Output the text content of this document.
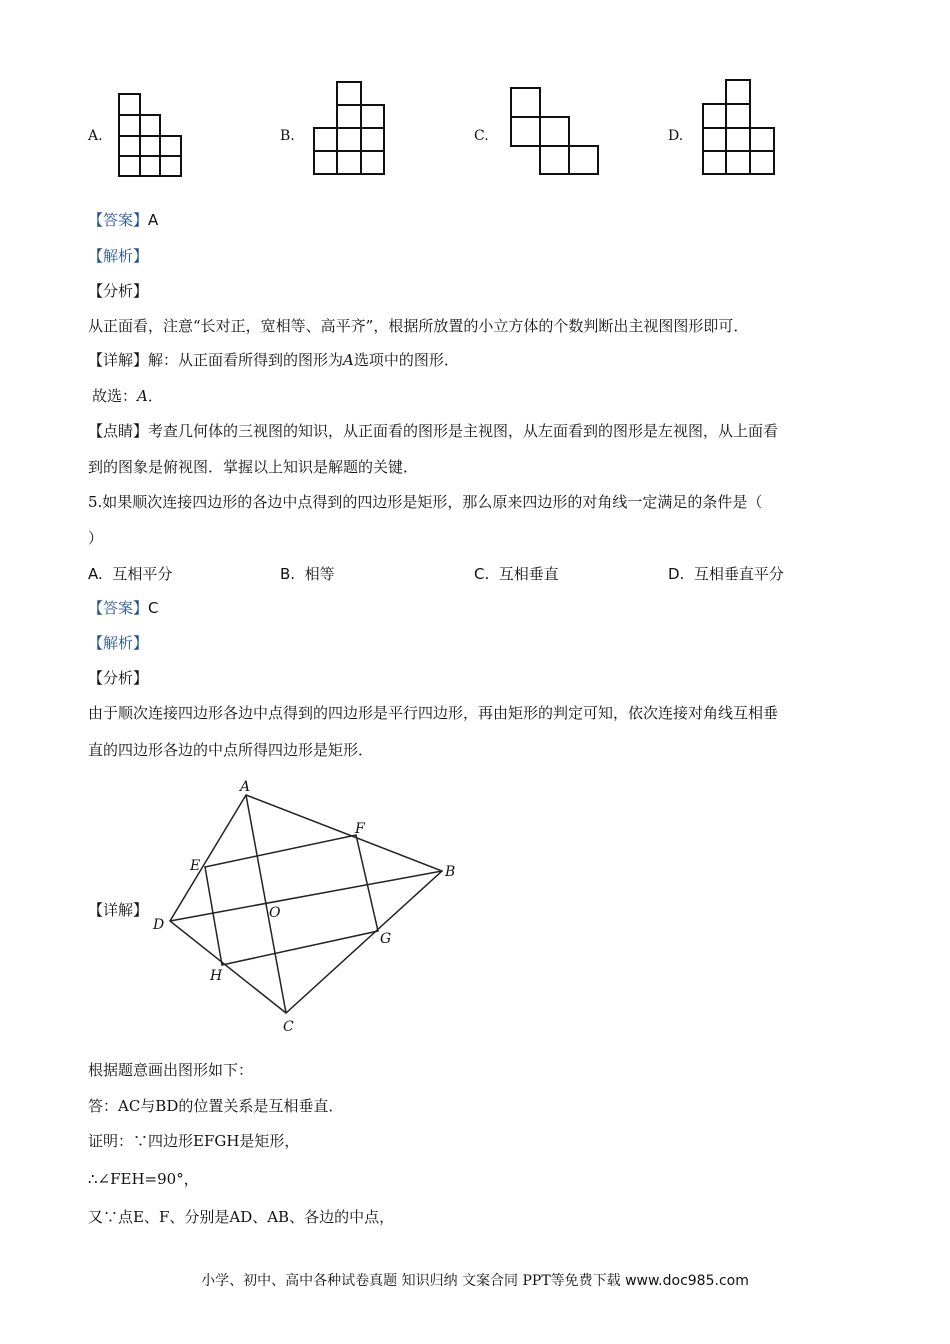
A.	B.	C.	D.
【答案】A
【解析】
【分析】
从正面看，注意“长对正，宽相等、高平齐”，根据所放置的小立方体的个数判断出主视图图形即可．
【详解】解：从正面看所得到的图形为A选项中的图形．
故选：A．
【点睛】考查几何体的三视图的知识，从正面看的图形是主视图，从左面看到的图形是左视图，从上面看
到的图象是俯视图．掌握以上知识是解题的关键．
5.如果顺次连接四边形的各边中点得到的四边形是矩形，那么原来四边形的对角线一定满足的条件是（
）
A. 互相平分	B. 相等	C. 互相垂直	D. 互相垂直平分
【答案】C
【解析】
【分析】
由于顺次连接四边形各边中点得到的四边形是平行四边形，再由矩形的判定可知，依次连接对角线互相垂
直的四边形各边的中点所得四边形是矩形．
【详解】
A
B
C
D
E
F
G
H
O
根据题意画出图形如下：
答：AC与BD的位置关系是互相垂直．
证明：∵四边形EFGH是矩形，
∴∠FEH=90°，
又∵点E、F、分别是AD、AB、各边的中点，
小学、初中、高中各种试卷真题 知识归纳 文案合同 PPT等免费下载 www.doc985.com
